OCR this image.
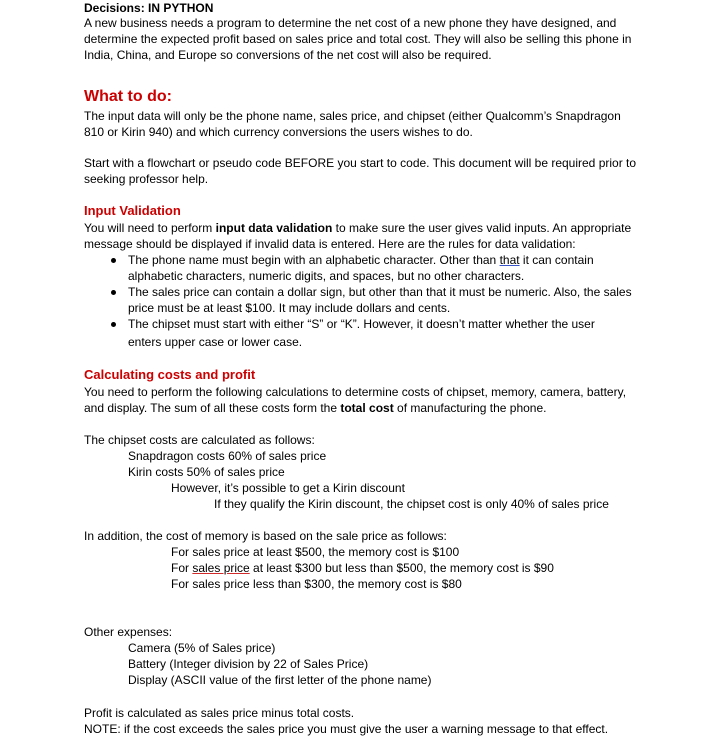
Decisions: IN PYTHON
A new business needs a program to determine the net cost of a new phone they have designed, and
determine the expected profit based on sales price and total cost. They will also be selling this phone in
India, China, and Europe so conversions of the net cost will also be required.
What to do:
The input data will only be the phone name, sales price, and chipset (either Qualcomm’s Snapdragon
810 or Kirin 940) and which currency conversions the users wishes to do.
Start with a flowchart or pseudo code BEFORE you start to code. This document will be required prior to
seeking professor help.
Input Validation
You will need to perform input data validation to make sure the user gives valid inputs. An appropriate
message should be displayed if invalid data is entered. Here are the rules for data validation:
The phone name must begin with an alphabetic character. Other than that it can contain
alphabetic characters, numeric digits, and spaces, but no other characters.
The sales price can contain a dollar sign, but other than that it must be numeric. Also, the sales
price must be at least $100. It may include dollars and cents.
The chipset must start with either “S” or “K”. However, it doesn’t matter whether the user
enters upper case or lower case.
Calculating costs and profit
You need to perform the following calculations to determine costs of chipset, memory, camera, battery,
and display. The sum of all these costs form the total cost of manufacturing the phone.
The chipset costs are calculated as follows:
Snapdragon costs 60% of sales price
Kirin costs 50% of sales price
However, it’s possible to get a Kirin discount
If they qualify the Kirin discount, the chipset cost is only 40% of sales price
In addition, the cost of memory is based on the sale price as follows:
For sales price at least $500, the memory cost is $100
For sales price at least $300 but less than $500, the memory cost is $90
For sales price less than $300, the memory cost is $80
Other expenses:
Camera (5% of Sales price)
Battery (Integer division by 22 of Sales Price)
Display (ASCII value of the first letter of the phone name)
Profit is calculated as sales price minus total costs.
NOTE: if the cost exceeds the sales price you must give the user a warning message to that effect.
